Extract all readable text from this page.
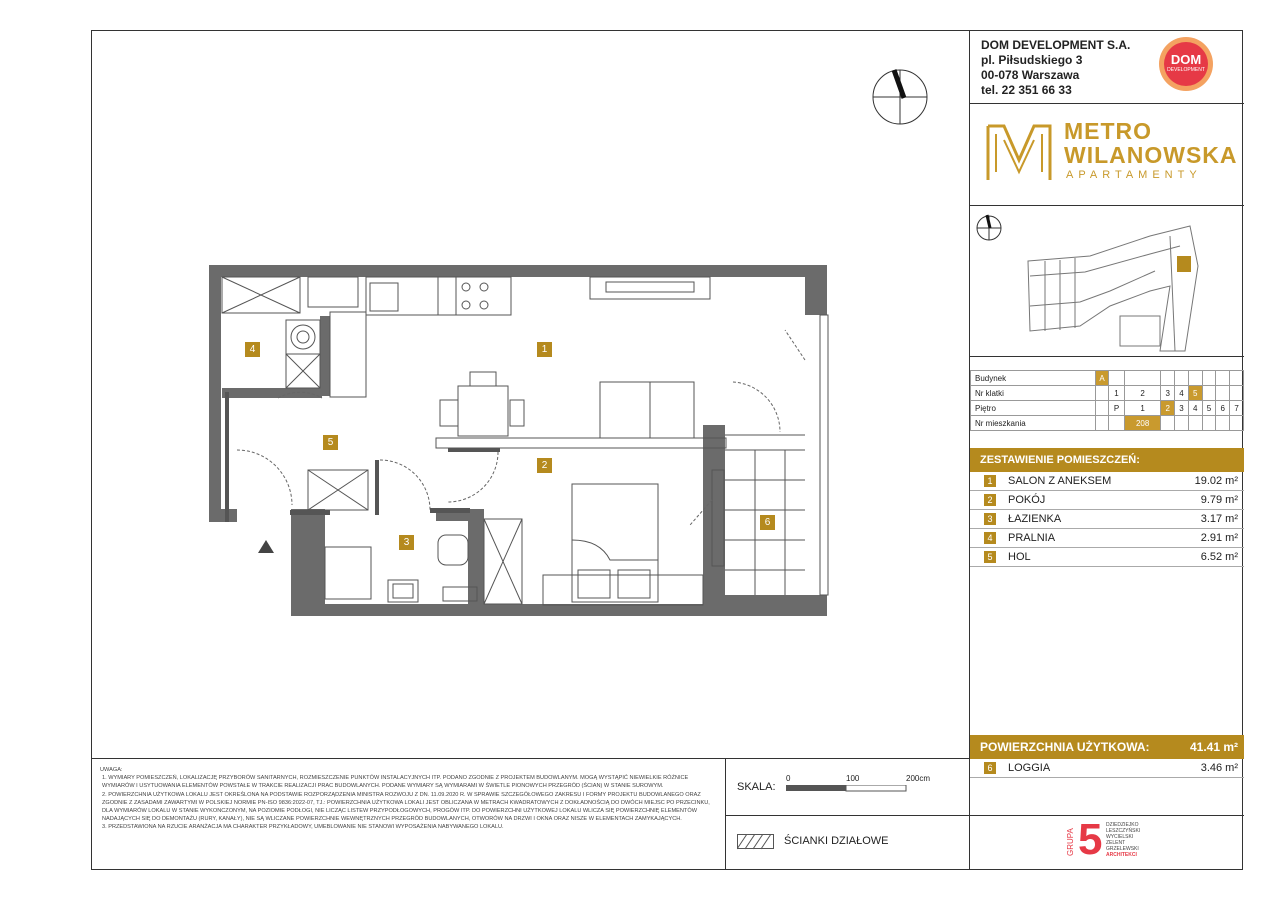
1
2
3
4
5
6
DOM DEVELOPMENT S.A.
pl. Piłsudskiego 3
00-078 Warszawa
tel. 22 351 66 33
DOM
DEVELOPMENT
METRO
WILANOWSKA
APARTAMENTY
Budynek	A								
Nr klatki		1	2	3	4	5			
Piętro		P	1	2	3	4	5	6	7
Nr mieszkania			208						
ZESTAWIENIE POMIESZCZEŃ:
1	SALON Z ANEKSEM	19.02 m²
2	POKÓJ	9.79 m²
3	ŁAZIENKA	3.17 m²
4	PRALNIA	2.91 m²
5	HOL	6.52 m²
POWIERZCHNIA UŻYTKOWA:	41.41 m²
6	LOGGIA	3.46 m²
GRUPA 5 DZIEDZIEJKO
LESZCZYŃSKI
WYCIELSKI
ZELENT
GRZELEWSKI
ARCHITEKCI
UWAGA:
1. WYMIARY POMIESZCZEŃ, LOKALIZACJĘ PRZYBORÓW SANITARNYCH, ROZMIESZCZENIE PUNKTÓW INSTALACYJNYCH ITP. PODANO ZGODNIE Z PROJEKTEM BUDOWLANYM. MOGĄ WYSTĄPIĆ NIEWIELKIE RÓŻNICE WYMIARÓW I USYTUOWANIA ELEMENTÓW POWSTAŁE W TRAKCIE REALIZACJI PRAC BUDOWLANYCH. PODANE WYMIARY SĄ WYMIARAMI W ŚWIETLE PIONOWYCH PRZEGRÓD (ŚCIAN) W STANIE SUROWYM.
2. POWIERZCHNIA UŻYTKOWA LOKALU JEST OKREŚLONA NA PODSTAWIE ROZPORZĄDZENIA MINISTRA ROZWOJU Z DN. 11.09.2020 R. W SPRAWIE SZCZEGÓŁOWEGO ZAKRESU I FORMY PROJEKTU BUDOWLANEGO ORAZ ZGODNIE Z ZASADAMI ZAWARTYMI W POLSKIEJ NORMIE PN-ISO 9836:2022-07, TJ.: POWIERZCHNIA UŻYTKOWA LOKALI JEST OBLICZANA W METRACH KWADRATOWYCH Z DOKŁADNOŚCIĄ DO DWÓCH MIEJSC PO PRZECINKU, DLA WYMIARÓW LOKALU W STANIE WYKONCZONYM, NA POZIOMIE PODŁOGI, NIE LICZĄC LISTEW PRZYPODŁOGOWYCH, PROGÓW ITP. DO POWIERZCHNI UŻYTKOWEJ LOKALU WLICZA SIĘ POWIERZCHNIĘ ELEMENTÓW NADAJĄCYCH SIĘ DO DEMONTAŻU (RURY, KANAŁY), NIE SĄ WLICZANE POWIERZCHNIE WEWNĘTRZNYCH PRZEGRÓD BUDOWLANYCH, OTWORÓW NA DRZWI I OKNA ORAZ NISZE W ELEMENTACH ZAMYKAJĄCYCH.
3. PRZEDSTAWIONA NA RZUCIE ARANŻACJA MA CHARAKTER PRZYKŁADOWY, UMEBLOWANIE NIE STANOWI WYPOSAŻENIA NABYWANEGO LOKALU.
SKALA:
0	100	200cm
ŚCIANKI DZIAŁOWE
